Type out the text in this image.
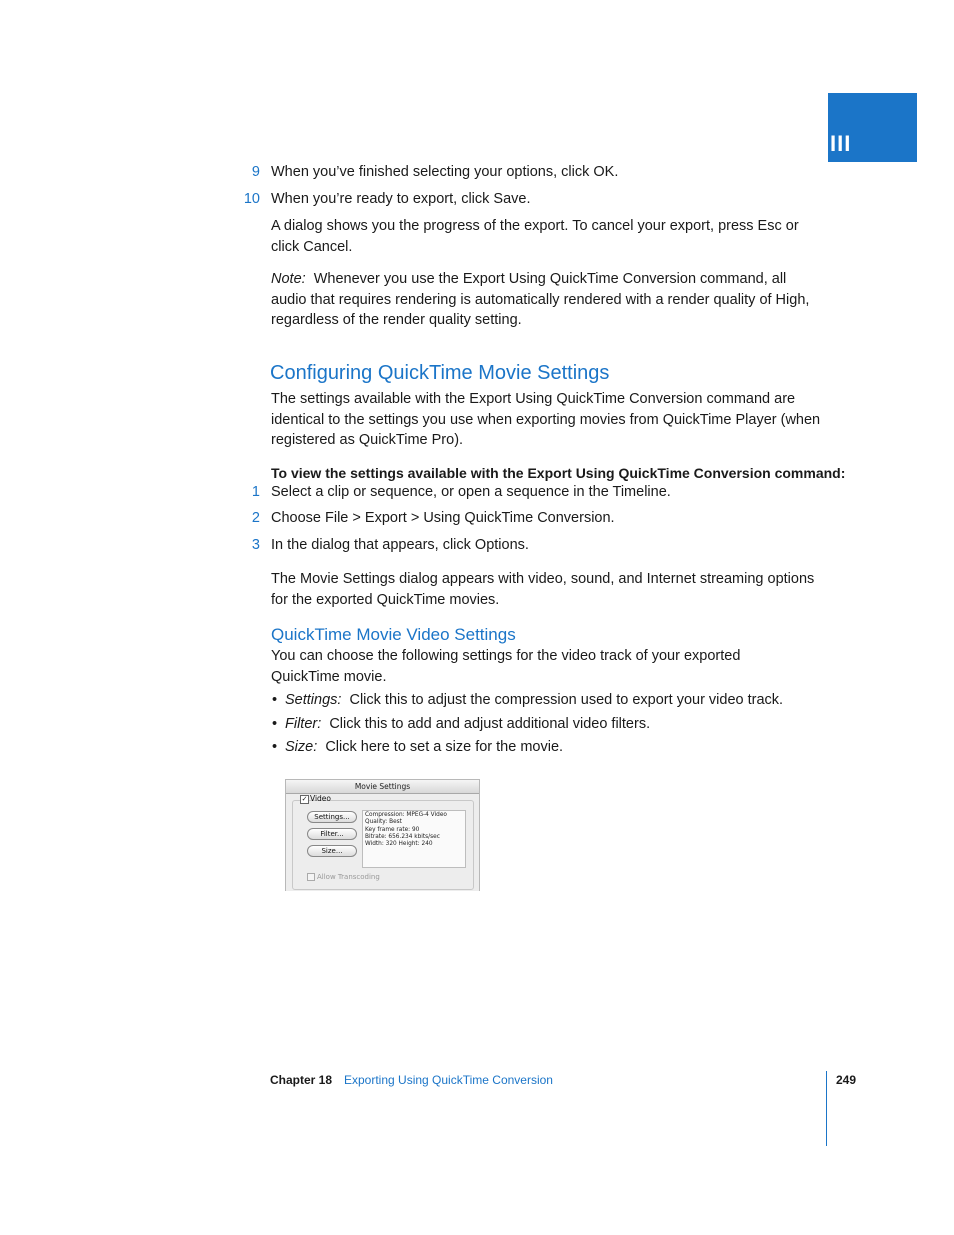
III
9 When you’ve finished selecting your options, click OK.
10 When you’re ready to export, click Save.
A dialog shows you the progress of the export. To cancel your export, press Esc or click Cancel.
Note: Whenever you use the Export Using QuickTime Conversion command, all audio that requires rendering is automatically rendered with a render quality of High, regardless of the render quality setting.
Configuring QuickTime Movie Settings
The settings available with the Export Using QuickTime Conversion command are identical to the settings you use when exporting movies from QuickTime Player (when registered as QuickTime Pro).
To view the settings available with the Export Using QuickTime Conversion command:
1 Select a clip or sequence, or open a sequence in the Timeline.
2 Choose File > Export > Using QuickTime Conversion.
3 In the dialog that appears, click Options.
The Movie Settings dialog appears with video, sound, and Internet streaming options for the exported QuickTime movies.
QuickTime Movie Video Settings
You can choose the following settings for the video track of your exported QuickTime movie.
• Settings: Click this to adjust the compression used to export your video track.
• Filter: Click this to add and adjust additional video filters.
• Size: Click here to set a size for the movie.
Movie Settings
✓ Video
Settings...
Filter...
Size...
Compression: MPEG-4 Video
Quality: Best
Key frame rate: 90
Bitrate: 656.234 kbits/sec
Width: 320 Height: 240
Allow Transcoding
Chapter 18 Exporting Using QuickTime Conversion	249
